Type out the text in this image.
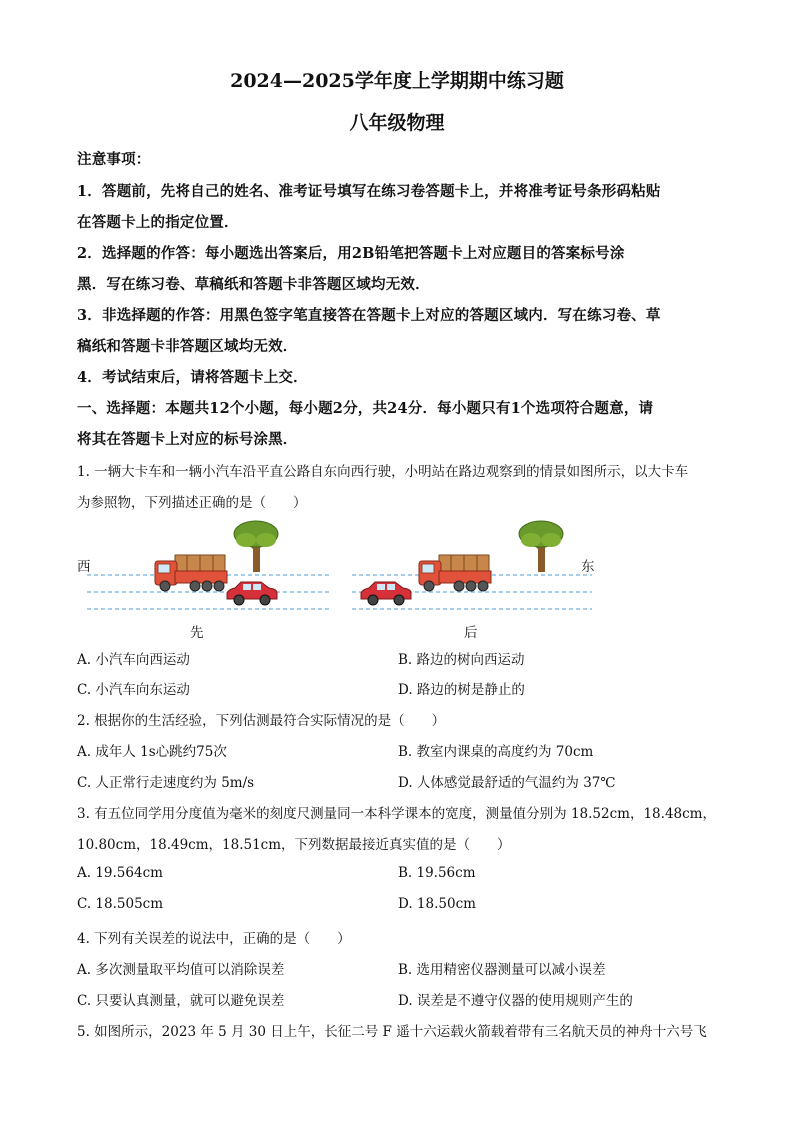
2024—2025学年度上学期期中练习题
八年级物理
注意事项：
1．答题前，先将自己的姓名、准考证号填写在练习卷答题卡上，并将准考证号条形码粘贴
在答题卡上的指定位置．
2．选择题的作答：每小题选出答案后，用2B铅笔把答题卡上对应题目的答案标号涂
黑．写在练习卷、草稿纸和答题卡非答题区域均无效．
3．非选择题的作答：用黑色签字笔直接答在答题卡上对应的答题区域内．写在练习卷、草
稿纸和答题卡非答题区域均无效．
4．考试结束后，请将答题卡上交．
一、选择题：本题共12个小题，每小题2分，共24分．每小题只有1个选项符合题意，请
将其在答题卡上对应的标号涂黑．
1. 一辆大卡车和一辆小汽车沿平直公路自东向西行驶，小明站在路边观察到的情景如图所示，以大卡车
为参照物，下列描述正确的是（　　）
西	东
先	后
A. 小汽车向西运动	B. 路边的树向西运动
C. 小汽车向东运动	D. 路边的树是静止的
2. 根据你的生活经验，下列估测最符合实际情况的是（　　）
A. 成年人 1s心跳约75次	B. 教室内课桌的高度约为 70cm
C. 人正常行走速度约为 5m/s	D. 人体感觉最舒适的气温约为 37℃
3. 有五位同学用分度值为毫米的刻度尺测量同一本科学课本的宽度，测量值分别为 18.52cm，18.48cm，
10.80cm，18.49cm，18.51cm，下列数据最接近真实值的是（　　）
A. 19.564cm	B. 19.56cm
C. 18.505cm	D. 18.50cm
4. 下列有关误差的说法中，正确的是（　　）
A. 多次测量取平均值可以消除误差	B. 选用精密仪器测量可以减小误差
C. 只要认真测量，就可以避免误差	D. 误差是不遵守仪器的使用规则产生的
5. 如图所示，2023 年 5 月 30 日上午，长征二号 F 遥十六运载火箭载着带有三名航天员的神舟十六号飞
